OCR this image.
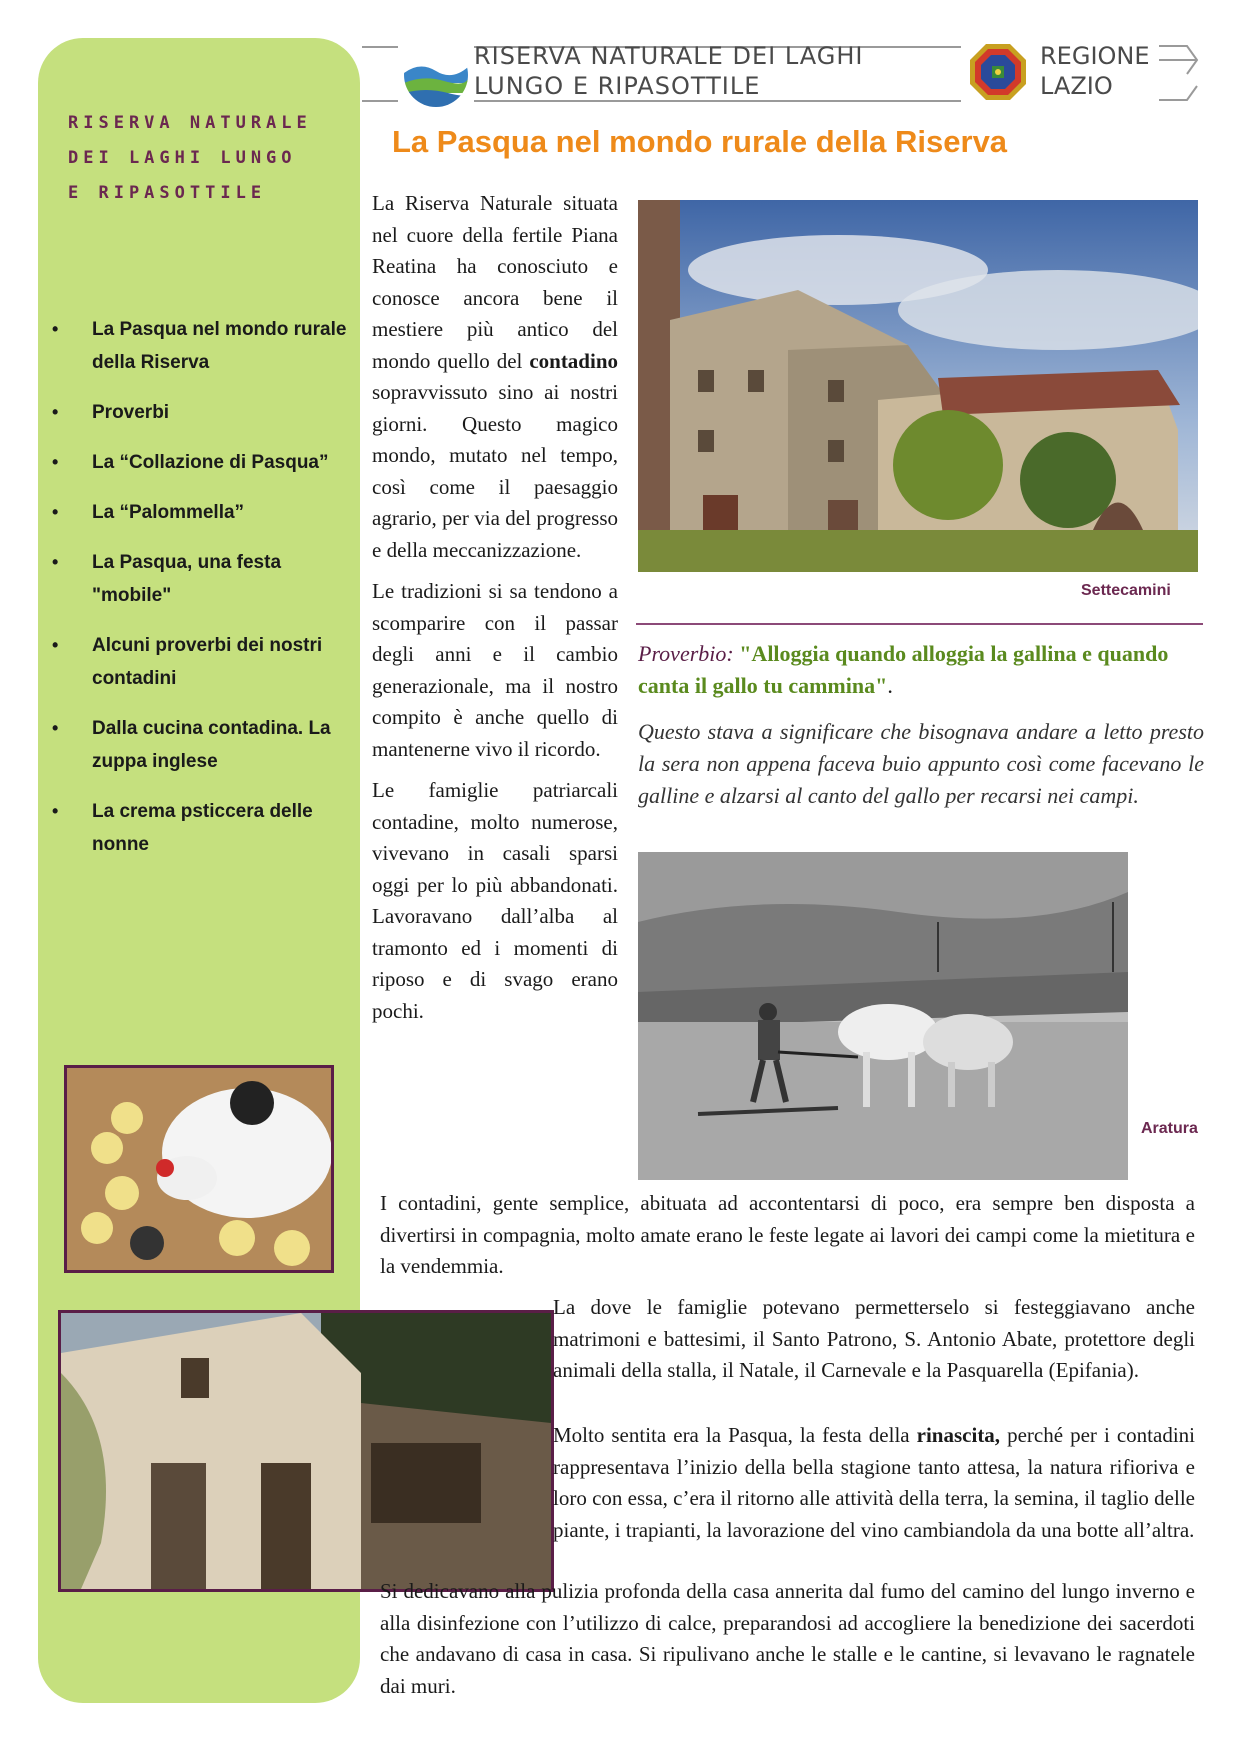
RISERVA NATURALE DEI LAGHI LUNGO E RIPASOTTILE
• La Pasqua nel mondo rurale della Riserva
• Proverbi
• La “Collazione di Pasqua”
• La “Palommella”
• La Pasqua, una festa "mobile"
• Alcuni proverbi dei nostri contadini
• Dalla cucina contadina. La zuppa inglese
• La crema psticcera delle nonne
RISERVA NATURALE DEI LAGHI
LUNGO E RIPASOTTILE
REGIONE
LAZIO
La Pasqua nel mondo rurale della Riserva

La Riserva Naturale situata nel cuore della fertile Piana Reatina ha conosciuto e conosce ancora bene il mestiere più antico del mondo quello del contadino sopravvissuto sino ai nostri giorni. Questo magico mondo, mutato nel tempo, così come il paesaggio agrario, per via del progresso e della meccanizzazione.

Le tradizioni si sa tendono a scomparire con il passar degli anni e il cambio generazionale, ma il nostro compito è anche quello di mantenerne vivo il ricordo.

Le famiglie patriarcali contadine, molto numerose, vivevano in casali sparsi oggi per lo più abbandonati. Lavoravano dall’alba al tramonto ed i momenti di riposo e di svago erano pochi.

Settecamini
Proverbio: "Alloggia quando alloggia la gallina e quando canta il gallo tu cammina".

Questo stava a significare che bisognava andare a letto presto la sera non appena faceva buio appunto così come facevano le galline e alzarsi al canto del gallo per recarsi nei campi.

Aratura

I contadini, gente semplice, abituata ad accontentarsi di poco, era sempre ben disposta a divertirsi in compagnia, molto amate erano le feste legate ai lavori dei campi come la mietitura e la vendemmia.

La dove le famiglie potevano permetterselo si festeggiavano anche matrimoni e battesimi, il Santo Patrono, S. Antonio Abate, protettore degli animali della stalla, il Natale, il Carnevale e la Pasquarella (Epifania).

Molto sentita era la Pasqua, la festa della rinascita, perché per i contadini rappresentava l’inizio della bella stagione tanto attesa, la natura rifioriva e loro con essa, c’era il ritorno alle attività della terra, la semina, il taglio delle piante, i trapianti, la lavorazione del vino cambiandola da una botte all’altra.

Si dedicavano alla pulizia profonda della casa annerita dal fumo del camino del lungo inverno e alla disinfezione con l’utilizzo di calce, preparandosi ad accogliere la benedizione dei sacerdoti che andavano di casa in casa. Si ripulivano anche le stalle e le cantine, si levavano le ragnatele dai muri.
